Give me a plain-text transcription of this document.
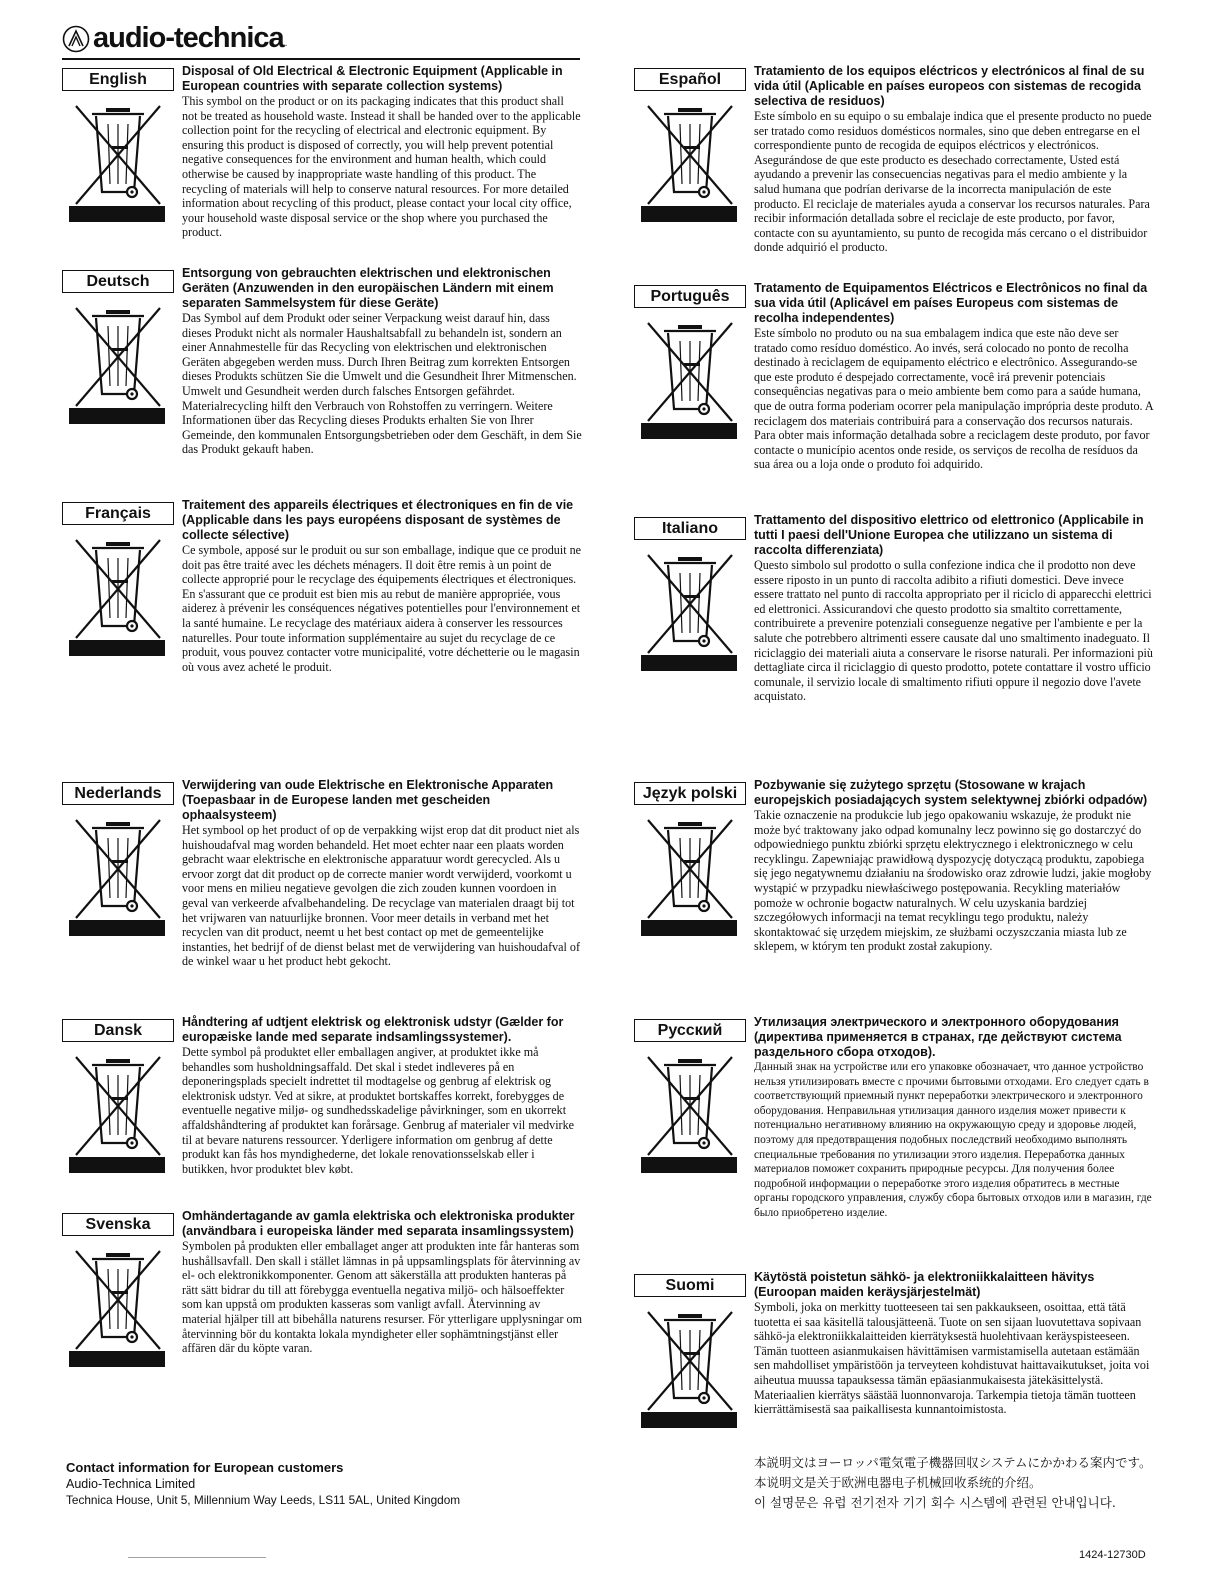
audio-technica .
English	Disposal of Old Electrical & Electronic Equipment (Applicable in European countries with separate collection systems)

This symbol on the product or on its packaging indicates that this product shall not be treated as household waste. Instead it shall be handed over to the applicable collection point for the recycling of electrical and electronic equipment. By ensuring this product is disposed of correctly, you will help prevent potential negative consequences for the environment and human health, which could otherwise be caused by inappropriate waste handling of this product. The recycling of materials will help to conserve natural resources. For more detailed information about recycling of this product, please contact your local city office, your household waste disposal service or the shop where you purchased the product.

Deutsch	Entsorgung von gebrauchten elektrischen und elektronischen Geräten (Anzuwenden in den europäischen Ländern mit einem separaten Sammelsystem für diese Geräte)

Das Symbol auf dem Produkt oder seiner Verpackung weist darauf hin, dass dieses Produkt nicht als normaler Haushaltsabfall zu behandeln ist, sondern an einer Annahmestelle für das Recycling von elektrischen und elektronischen Geräten abgegeben werden muss. Durch Ihren Beitrag zum korrekten Entsorgen dieses Produkts schützen Sie die Umwelt und die Gesundheit Ihrer Mitmenschen. Umwelt und Gesundheit werden durch falsches Entsorgen gefährdet. Materialrecycling hilft den Verbrauch von Rohstoffen zu verringern. Weitere Informationen über das Recycling dieses Produkts erhalten Sie von Ihrer Gemeinde, den kommunalen Entsorgungsbetrieben oder dem Geschäft, in dem Sie das Produkt gekauft haben.

Français	Traitement des appareils électriques et électroniques en fin de vie (Applicable dans les pays européens disposant de systèmes de collecte sélective)

Ce symbole, apposé sur le produit ou sur son emballage, indique que ce produit ne doit pas être traité avec les déchets ménagers. Il doit être remis à un point de collecte approprié pour le recyclage des équipements électriques et électroniques. En s'assurant que ce produit est bien mis au rebut de manière appropriée, vous aiderez à prévenir les conséquences négatives potentielles pour l'environnement et la santé humaine. Le recyclage des matériaux aidera à conserver les ressources naturelles. Pour toute information supplémentaire au sujet du recyclage de ce produit, vous pouvez contacter votre municipalité, votre déchetterie ou le magasin où vous avez acheté le produit.

Nederlands	Verwijdering van oude Elektrische en Elektronische Apparaten (Toepasbaar in de Europese landen met gescheiden ophaalsysteem)

Het symbool op het product of op de verpakking wijst erop dat dit product niet als huishoudafval mag worden behandeld. Het moet echter naar een plaats worden gebracht waar elektrische en elektronische apparatuur wordt gerecycled. Als u ervoor zorgt dat dit product op de correcte manier wordt verwijderd, voorkomt u voor mens en milieu negatieve gevolgen die zich zouden kunnen voordoen in geval van verkeerde afvalbehandeling. De recyclage van materialen draagt bij tot het vrijwaren van natuurlijke bronnen. Voor meer details in verband met het recyclen van dit product, neemt u het best contact op met de gemeentelijke instanties, het bedrijf of de dienst belast met de verwijdering van huishoudafval of de winkel waar u het product hebt gekocht.

Dansk	Håndtering af udtjent elektrisk og elektronisk udstyr (Gælder for europæiske lande med separate indsamlingssystemer).

Dette symbol på produktet eller emballagen angiver, at produktet ikke må behandles som husholdningsaffald. Det skal i stedet indleveres på en deponeringsplads specielt indrettet til modtagelse og genbrug af elektrisk og elektronisk udstyr. Ved at sikre, at produktet bortskaffes korrekt, forebygges de eventuelle negative miljø- og sundhedsskadelige påvirkninger, som en ukorrekt affaldshåndtering af produktet kan forårsage. Genbrug af materialer vil medvirke til at bevare naturens ressourcer. Yderligere information om genbrug af dette produkt kan fås hos myndighederne, det lokale renovationsselskab eller i butikken, hvor produktet blev købt.

Svenska	Omhändertagande av gamla elektriska och elektroniska produkter (användbara i europeiska länder med separata insamlingssystem)

Symbolen på produkten eller emballaget anger att produkten inte får hanteras som hushållsavfall. Den skall i stället lämnas in på uppsamlingsplats för återvinning av el- och elektronikkomponenter. Genom att säkerställa att produkten hanteras på rätt sätt bidrar du till att förebygga eventuella negativa miljö- och hälsoeffekter som kan uppstå om produkten kasseras som vanligt avfall. Återvinning av material hjälper till att bibehålla naturens resurser. För ytterligare upplysningar om återvinning bör du kontakta lokala myndigheter eller sophämtningstjänst eller affären där du köpte varan.

Español	Tratamiento de los equipos eléctricos y electrónicos al final de su vida útil (Aplicable en países europeos con sistemas de recogida selectiva de residuos)

Este símbolo en su equipo o su embalaje indica que el presente producto no puede ser tratado como residuos domésticos normales, sino que deben entregarse en el correspondiente punto de recogida de equipos eléctricos y electrónicos. Asegurándose de que este producto es desechado correctamente, Usted está ayudando a prevenir las consecuencias negativas para el medio ambiente y la salud humana que podrían derivarse de la incorrecta manipulación de este producto. El reciclaje de materiales ayuda a conservar los recursos naturales. Para recibir información detallada sobre el reciclaje de este producto, por favor, contacte con su ayuntamiento, su punto de recogida más cercano o el distribuidor donde adquirió el producto.

Português	Tratamento de Equipamentos Eléctricos e Electrônicos no final da sua vida útil (Aplicável em países Europeus com sistemas de recolha independentes)

Este símbolo no produto ou na sua embalagem indica que este não deve ser tratado como resíduo doméstico. Ao invés, será colocado no ponto de recolha destinado à reciclagem de equipamento eléctrico e electrônico. Assegurando-se que este produto é despejado correctamente, você irá prevenir potenciais consequências negativas para o meio ambiente bem como para a saúde humana, que de outra forma poderiam ocorrer pela manipulação imprópria deste produto. A reciclagem dos materiais contribuirá para a conservação dos recursos naturais. Para obter mais informação detalhada sobre a reciclagem deste produto, por favor contacte o município acentos onde reside, os serviços de recolha de resíduos da sua área ou a loja onde o produto foi adquirido.

Italiano	Trattamento del dispositivo elettrico od elettronico (Applicabile in tutti I paesi dell'Unione Europea che utilizzano un sistema di raccolta differenziata)

Questo simbolo sul prodotto o sulla confezione indica che il prodotto non deve essere riposto in un punto di raccolta adibito a rifiuti domestici. Deve invece essere trattato nel punto di raccolta appropriato per il riciclo di apparecchi elettrici ed elettronici. Assicurandovi che questo prodotto sia smaltito correttamente, contribuirete a prevenire potenziali conseguenze negative per l'ambiente e per la salute che potrebbero altrimenti essere causate dal uno smaltimento inadeguato. Il riciclaggio dei materiali aiuta a conservare le risorse naturali. Per informazioni più dettagliate circa il riciclaggio di questo prodotto, potete contattare il vostro ufficio comunale, il servizio locale di smaltimento rifiuti oppure il negozio dove l'avete acquistato.

Język polski	Pozbywanie się zużytego sprzętu (Stosowane w krajach europejskich posiadających system selektywnej zbiórki odpadów)

Takie oznaczenie na produkcie lub jego opakowaniu wskazuje, że produkt nie może być traktowany jako odpad komunalny lecz powinno się go dostarczyć do odpowiedniego punktu zbiórki sprzętu elektrycznego i elektronicznego w celu recyklingu. Zapewniając prawidłową dyspozycję dotyczącą produktu, zapobiega się jego negatywnemu działaniu na środowisko oraz zdrowie ludzi, jakie mogłoby wystąpić w przypadku niewłaściwego postępowania. Recykling materiałów pomoże w ochronie bogactw naturalnych. W celu uzyskania bardziej szczegółowych informacji na temat recyklingu tego produktu, należy skontaktować się urzędem miejskim, ze służbami oczyszczania miasta lub ze sklepem, w którym ten produkt został zakupiony.

Русский	Утилизация электрического и электронного оборудования (директива применяется в странах, где действуют система раздельного сбора отходов).

Данный знак на устройстве или его упаковке обозначает, что данное устройство нельзя утилизировать вместе с прочими бытовыми отходами. Его следует сдать в соответствующий приемный пункт переработки электрического и электронного оборудования. Неправильная утилизация данного изделия может привести к потенциально негативному влиянию на окружающую среду и здоровье людей, поэтому для предотвращения подобных последствий необходимо выполнять специальные требования по утилизации этого изделия. Переработка данных материалов поможет сохранить природные ресурсы. Для получения более подробной информации о переработке этого изделия обратитесь в местные органы городского управления, службу сбора бытовых отходов или в магазин, где было приобретено изделие.

Suomi	Käytöstä poistetun sähkö- ja elektroniikkalaitteen hävitys (Euroopan maiden keräysjärjestelmät)

Symboli, joka on merkitty tuotteeseen tai sen pakkaukseen, osoittaa, että tätä tuotetta ei saa käsitellä talousjätteenä. Tuote on sen sijaan luovutettava sopivaan sähkö-ja elektroniikkalaitteiden kierrätyksestä huolehtivaan keräyspisteeseen. Tämän tuotteen asianmukaisen hävittämisen varmistamisella autetaan estämään sen mahdolliset ympäristöön ja terveyteen kohdistuvat haittavaikutukset, joita voi aiheutua muussa tapauksessa tämän epäasianmukaisesta jätekäsittelystä. Materiaalien kierrätys säästää luonnonvaroja. Tarkempia tietoja tämän tuotteen kierrättämisestä saa paikallisesta kunnantoimistosta.

Contact information for European customers
Audio-Technica Limited
Technica House, Unit 5, Millennium Way Leeds, LS11 5AL, United Kingdom
本説明文はヨーロッパ電気電子機器回収システムにかかわる案内です。
本说明文是关于欧洲电器电子机械回收系统的介绍。
이 설명문은 유럽 전기전자 기기 회수 시스템에 관련된 안내입니다.
1424-12730D
